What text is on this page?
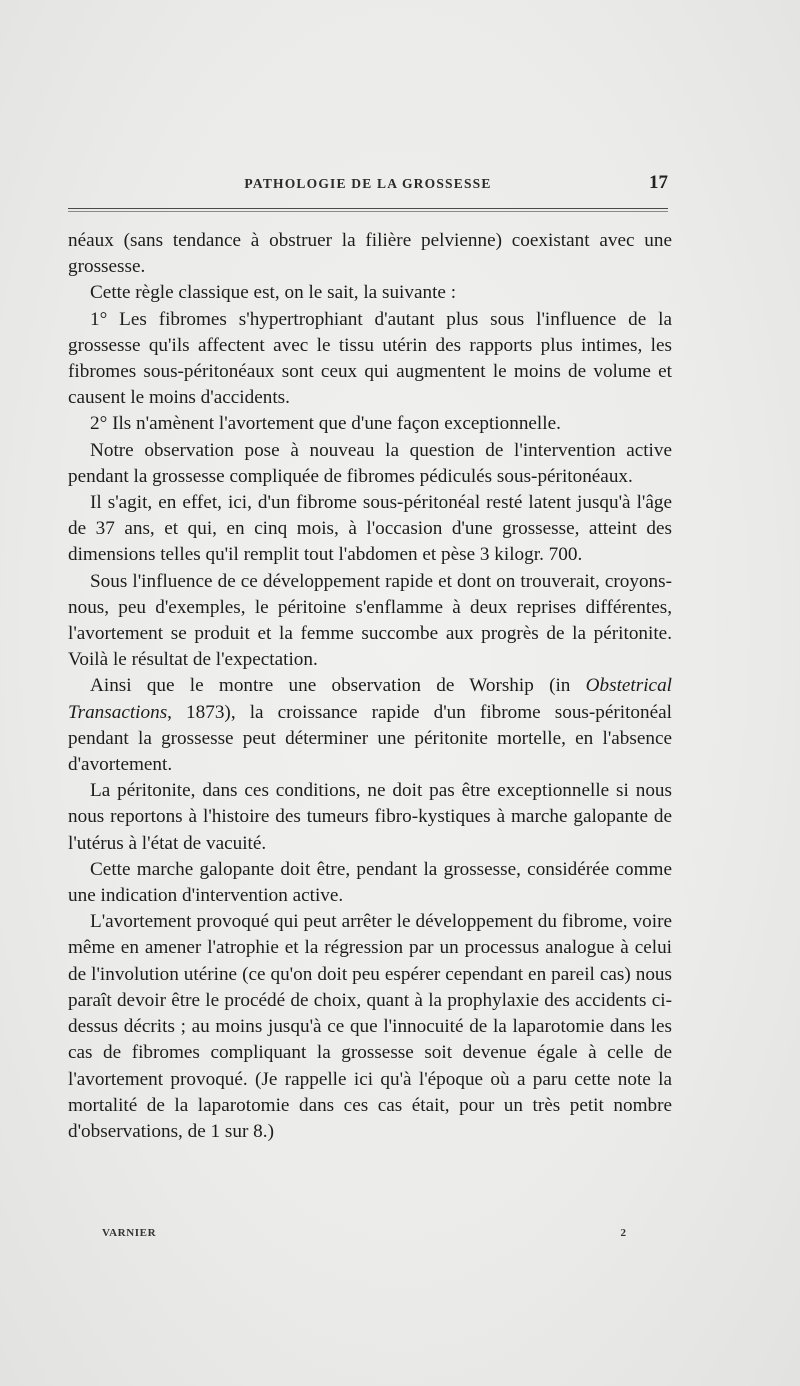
PATHOLOGIE DE LA GROSSESSE	17

néaux (sans tendance à obstruer la filière pelvienne) coexistant avec une grossesse.

Cette règle classique est, on le sait, la suivante :

1° Les fibromes s'hypertrophiant d'autant plus sous l'influence de la grossesse qu'ils affectent avec le tissu utérin des rapports plus intimes, les fibromes sous-péritonéaux sont ceux qui augmentent le moins de volume et causent le moins d'accidents.

2° Ils n'amènent l'avortement que d'une façon exceptionnelle.

Notre observation pose à nouveau la question de l'intervention active pendant la grossesse compliquée de fibromes pédiculés sous-péritonéaux.

Il s'agit, en effet, ici, d'un fibrome sous-péritonéal resté latent jusqu'à l'âge de 37 ans, et qui, en cinq mois, à l'occasion d'une grossesse, atteint des dimensions telles qu'il remplit tout l'abdomen et pèse 3 kilogr. 700.

Sous l'influence de ce développement rapide et dont on trouverait, croyons-nous, peu d'exemples, le péritoine s'enflamme à deux reprises différentes, l'avortement se produit et la femme succombe aux progrès de la péritonite. Voilà le résultat de l'expectation.

Ainsi que le montre une observation de Worship (in Obstetrical Transactions, 1873), la croissance rapide d'un fibrome sous-péritonéal pendant la grossesse peut déterminer une péritonite mortelle, en l'absence d'avortement.

La péritonite, dans ces conditions, ne doit pas être exceptionnelle si nous nous reportons à l'histoire des tumeurs fibro-kystiques à marche galopante de l'utérus à l'état de vacuité.

Cette marche galopante doit être, pendant la grossesse, considérée comme une indication d'intervention active.

L'avortement provoqué qui peut arrêter le développement du fibrome, voire même en amener l'atrophie et la régression par un processus analogue à celui de l'involution utérine (ce qu'on doit peu espérer cependant en pareil cas) nous paraît devoir être le procédé de choix, quant à la prophylaxie des accidents ci-dessus décrits ; au moins jusqu'à ce que l'innocuité de la laparotomie dans les cas de fibromes compliquant la grossesse soit devenue égale à celle de l'avortement provoqué. (Je rappelle ici qu'à l'époque où a paru cette note la mortalité de la laparotomie dans ces cas était, pour un très petit nombre d'observations, de 1 sur 8.)

VARNIER	2
